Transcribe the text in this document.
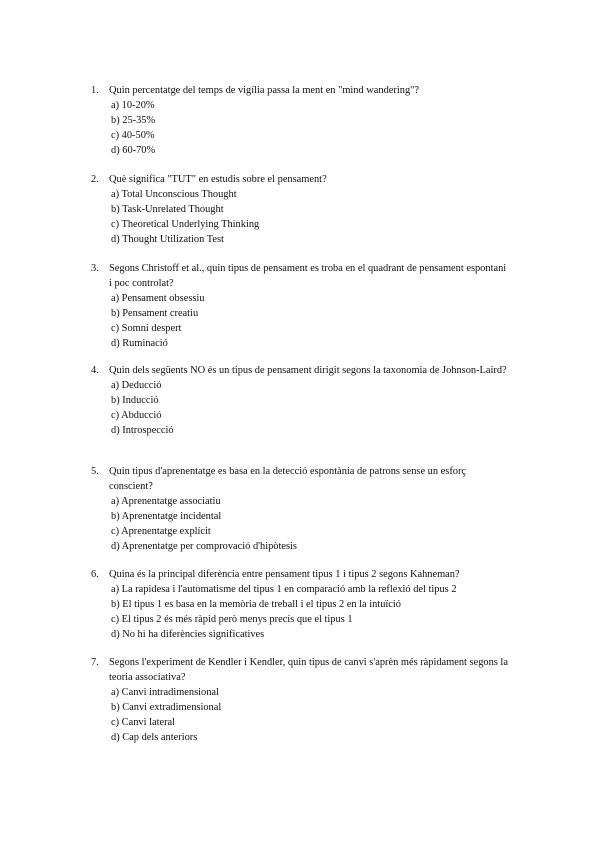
1. Quin percentatge del temps de vigília passa la ment en "mind wandering"?
a) 10-20%
b) 25-35%
c) 40-50%
d) 60-70%
2. Què significa "TUT" en estudis sobre el pensament?
a) Total Unconscious Thought
b) Task-Unrelated Thought
c) Theoretical Underlying Thinking
d) Thought Utilization Test
3. Segons Christoff et al., quin tipus de pensament es troba en el quadrant de pensament espontani i poc controlat?
a) Pensament obsessiu
b) Pensament creatiu
c) Somni despert
d) Ruminació
4. Quin dels següents NO és un tipus de pensament dirigit segons la taxonomia de Johnson-Laird?
a) Deducció
b) Inducció
c) Abducció
d) Introspecció
5. Quin tipus d'aprenentatge es basa en la detecció espontània de patrons sense un esforç conscient?
a) Aprenentatge associatiu
b) Aprenentatge incidental
c) Aprenentatge explícit
d) Aprenentatge per comprovació d'hipòtesis
6. Quina és la principal diferència entre pensament tipus 1 i tipus 2 segons Kahneman?
a) La rapidesa i l'automatisme del tipus 1 en comparació amb la reflexió del tipus 2
b) El tipus 1 es basa en la memòria de treball i el tipus 2 en la intuïció
c) El tipus 2 és més ràpid però menys precís que el tipus 1
d) No hi ha diferències significatives
7. Segons l'experiment de Kendler i Kendler, quin tipus de canvi s'aprèn més ràpidament segons la teoria associativa?
a) Canvi intradimensional
b) Canvi extradimensional
c) Canvi lateral
d) Cap dels anteriors
